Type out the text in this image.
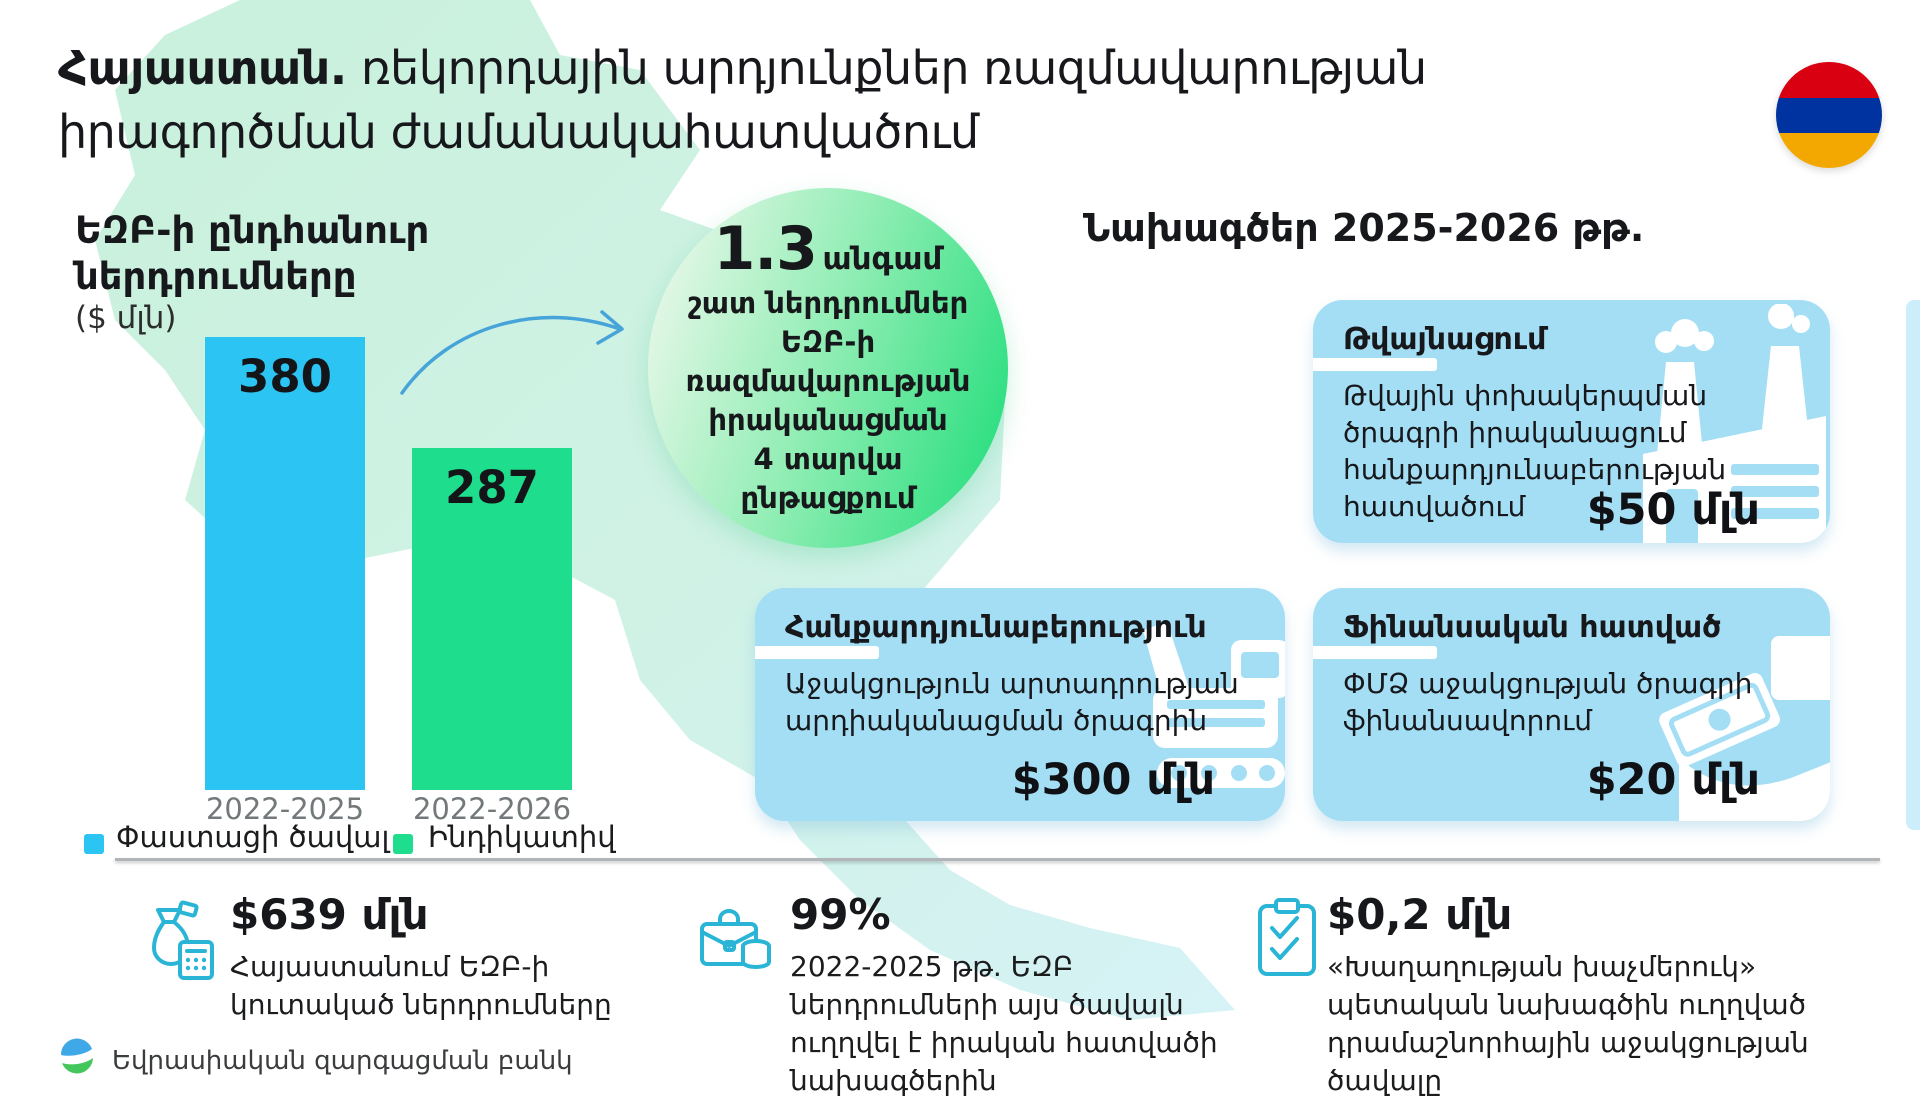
Հայաստան. ռեկորդային արդյունքներ ռազմավարության
իրագործման ժամանակահատվածում
ԵԶԲ-ի ընդհանուր
ներդրումները
($ մլն)
380
287
2022-2025 2022-2026
Փաստացի ծավալ Ինդիկատիվ
1.3 անգամ
շատ ներդրումներ
ԵԶԲ-ի
ռազմավարության
իրականացման
4 տարվա
ընթացքում
Նախագծեր 2025-2026 թթ.
Թվայնացում
Թվային փոխակերպման
ծրագրի իրականացում
հանքարդյունաբերության
հատվածում	$50 մլն
Հանքարդյունաբերություն
Աջակցություն արտադրության
արդիականացման ծրագրին
$300 մլն
Ֆինանսական հատված
ՓՄՁ աջակցության ծրագրի
ֆինանսավորում
$20 մլն
$639 մլն
Հայաստանում ԵԶԲ-ի
կուտակած ներդրումները
99%
2022-2025 թթ. ԵԶԲ
ներդրումների այս ծավալն
ուղղվել է իրական հատվածի
նախագծերին
$0,2 մլն
«Խաղաղության խաչմերուկ»
պետական նախագծին ուղղված
դրամաշնորհային աջակցության
ծավալը
Եվրասիական զարգացման բանկ
